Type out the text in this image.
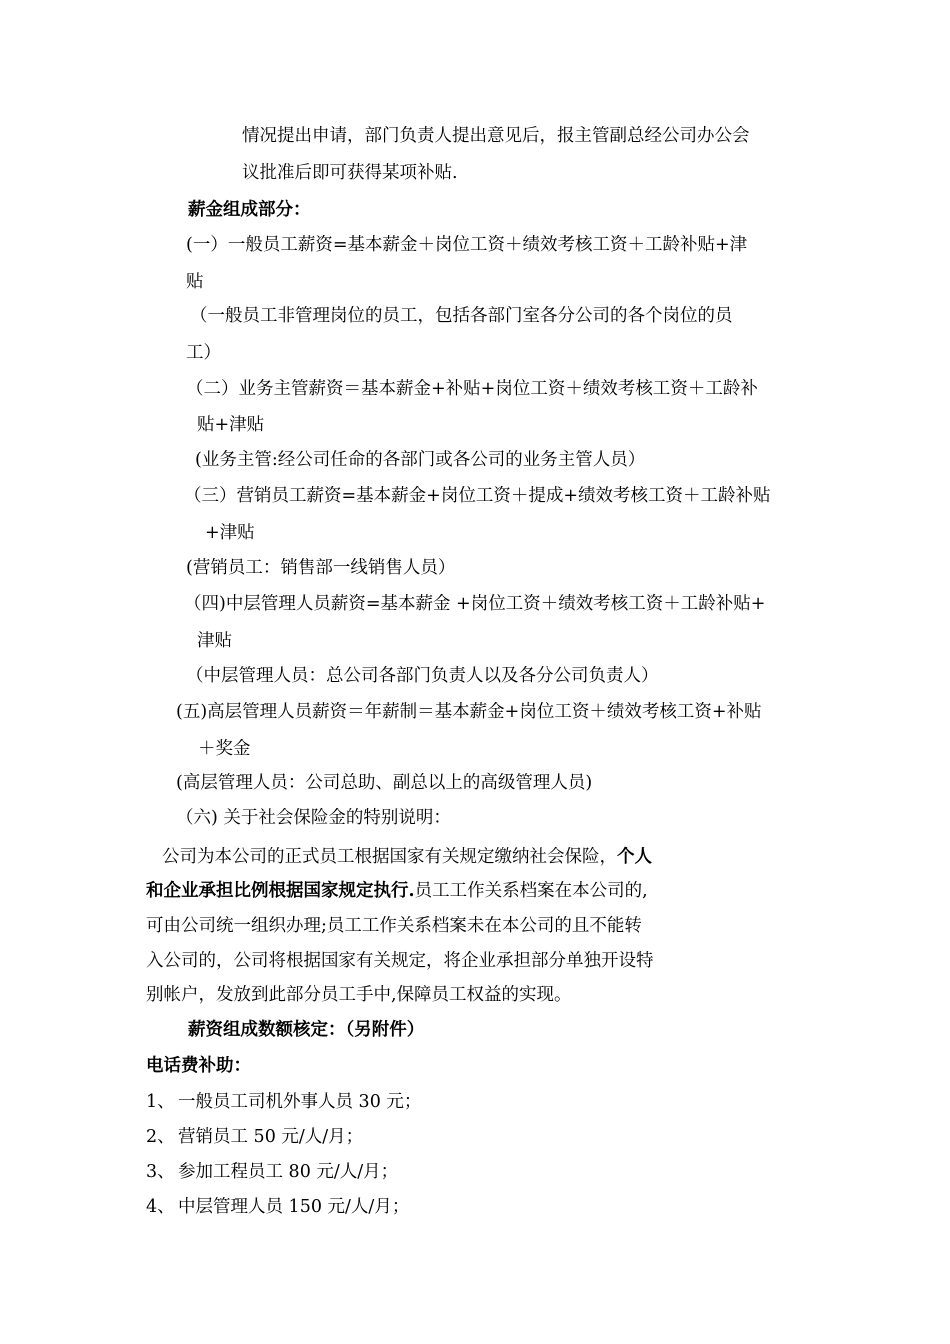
情况提出申请，部门负责人提出意见后，报主管副总经公司办公会
议批准后即可获得某项补贴.
薪金组成部分：
(一）一般员工薪资=基本薪金＋岗位工资＋绩效考核工资＋工龄补贴+津
贴
（一般员工非管理岗位的员工，包括各部门室各分公司的各个岗位的员
工）
（二）业务主管薪资＝基本薪金+补贴+岗位工资＋绩效考核工资＋工龄补
贴+津贴
(业务主管:经公司任命的各部门或各公司的业务主管人员）
（三）营销员工薪资=基本薪金+岗位工资＋提成+绩效考核工资＋工龄补贴
+津贴
(营销员工：销售部一线销售人员）
（四)中层管理人员薪资=基本薪金 +岗位工资＋绩效考核工资＋工龄补贴+
津贴
（中层管理人员：总公司各部门负责人以及各分公司负责人）
(五)高层管理人员薪资＝年薪制＝基本薪金+岗位工资＋绩效考核工资+补贴
＋奖金
(高层管理人员：公司总助、副总以上的高级管理人员)
（六) 关于社会保险金的特别说明：
公司为本公司的正式员工根据国家有关规定缴纳社会保险，个人
和企业承担比例根据国家规定执行.员工工作关系档案在本公司的,
可由公司统一组织办理;员工工作关系档案未在本公司的且不能转
入公司的，公司将根据国家有关规定，将企业承担部分单独开设特
别帐户，发放到此部分员工手中,保障员工权益的实现。
薪资组成数额核定：（另附件）
电话费补助：
1、 一般员工司机外事人员 30 元；
2、 营销员工 50 元/人/月；
3、 参加工程员工 80 元/人/月；
4、 中层管理人员 150 元/人/月；
